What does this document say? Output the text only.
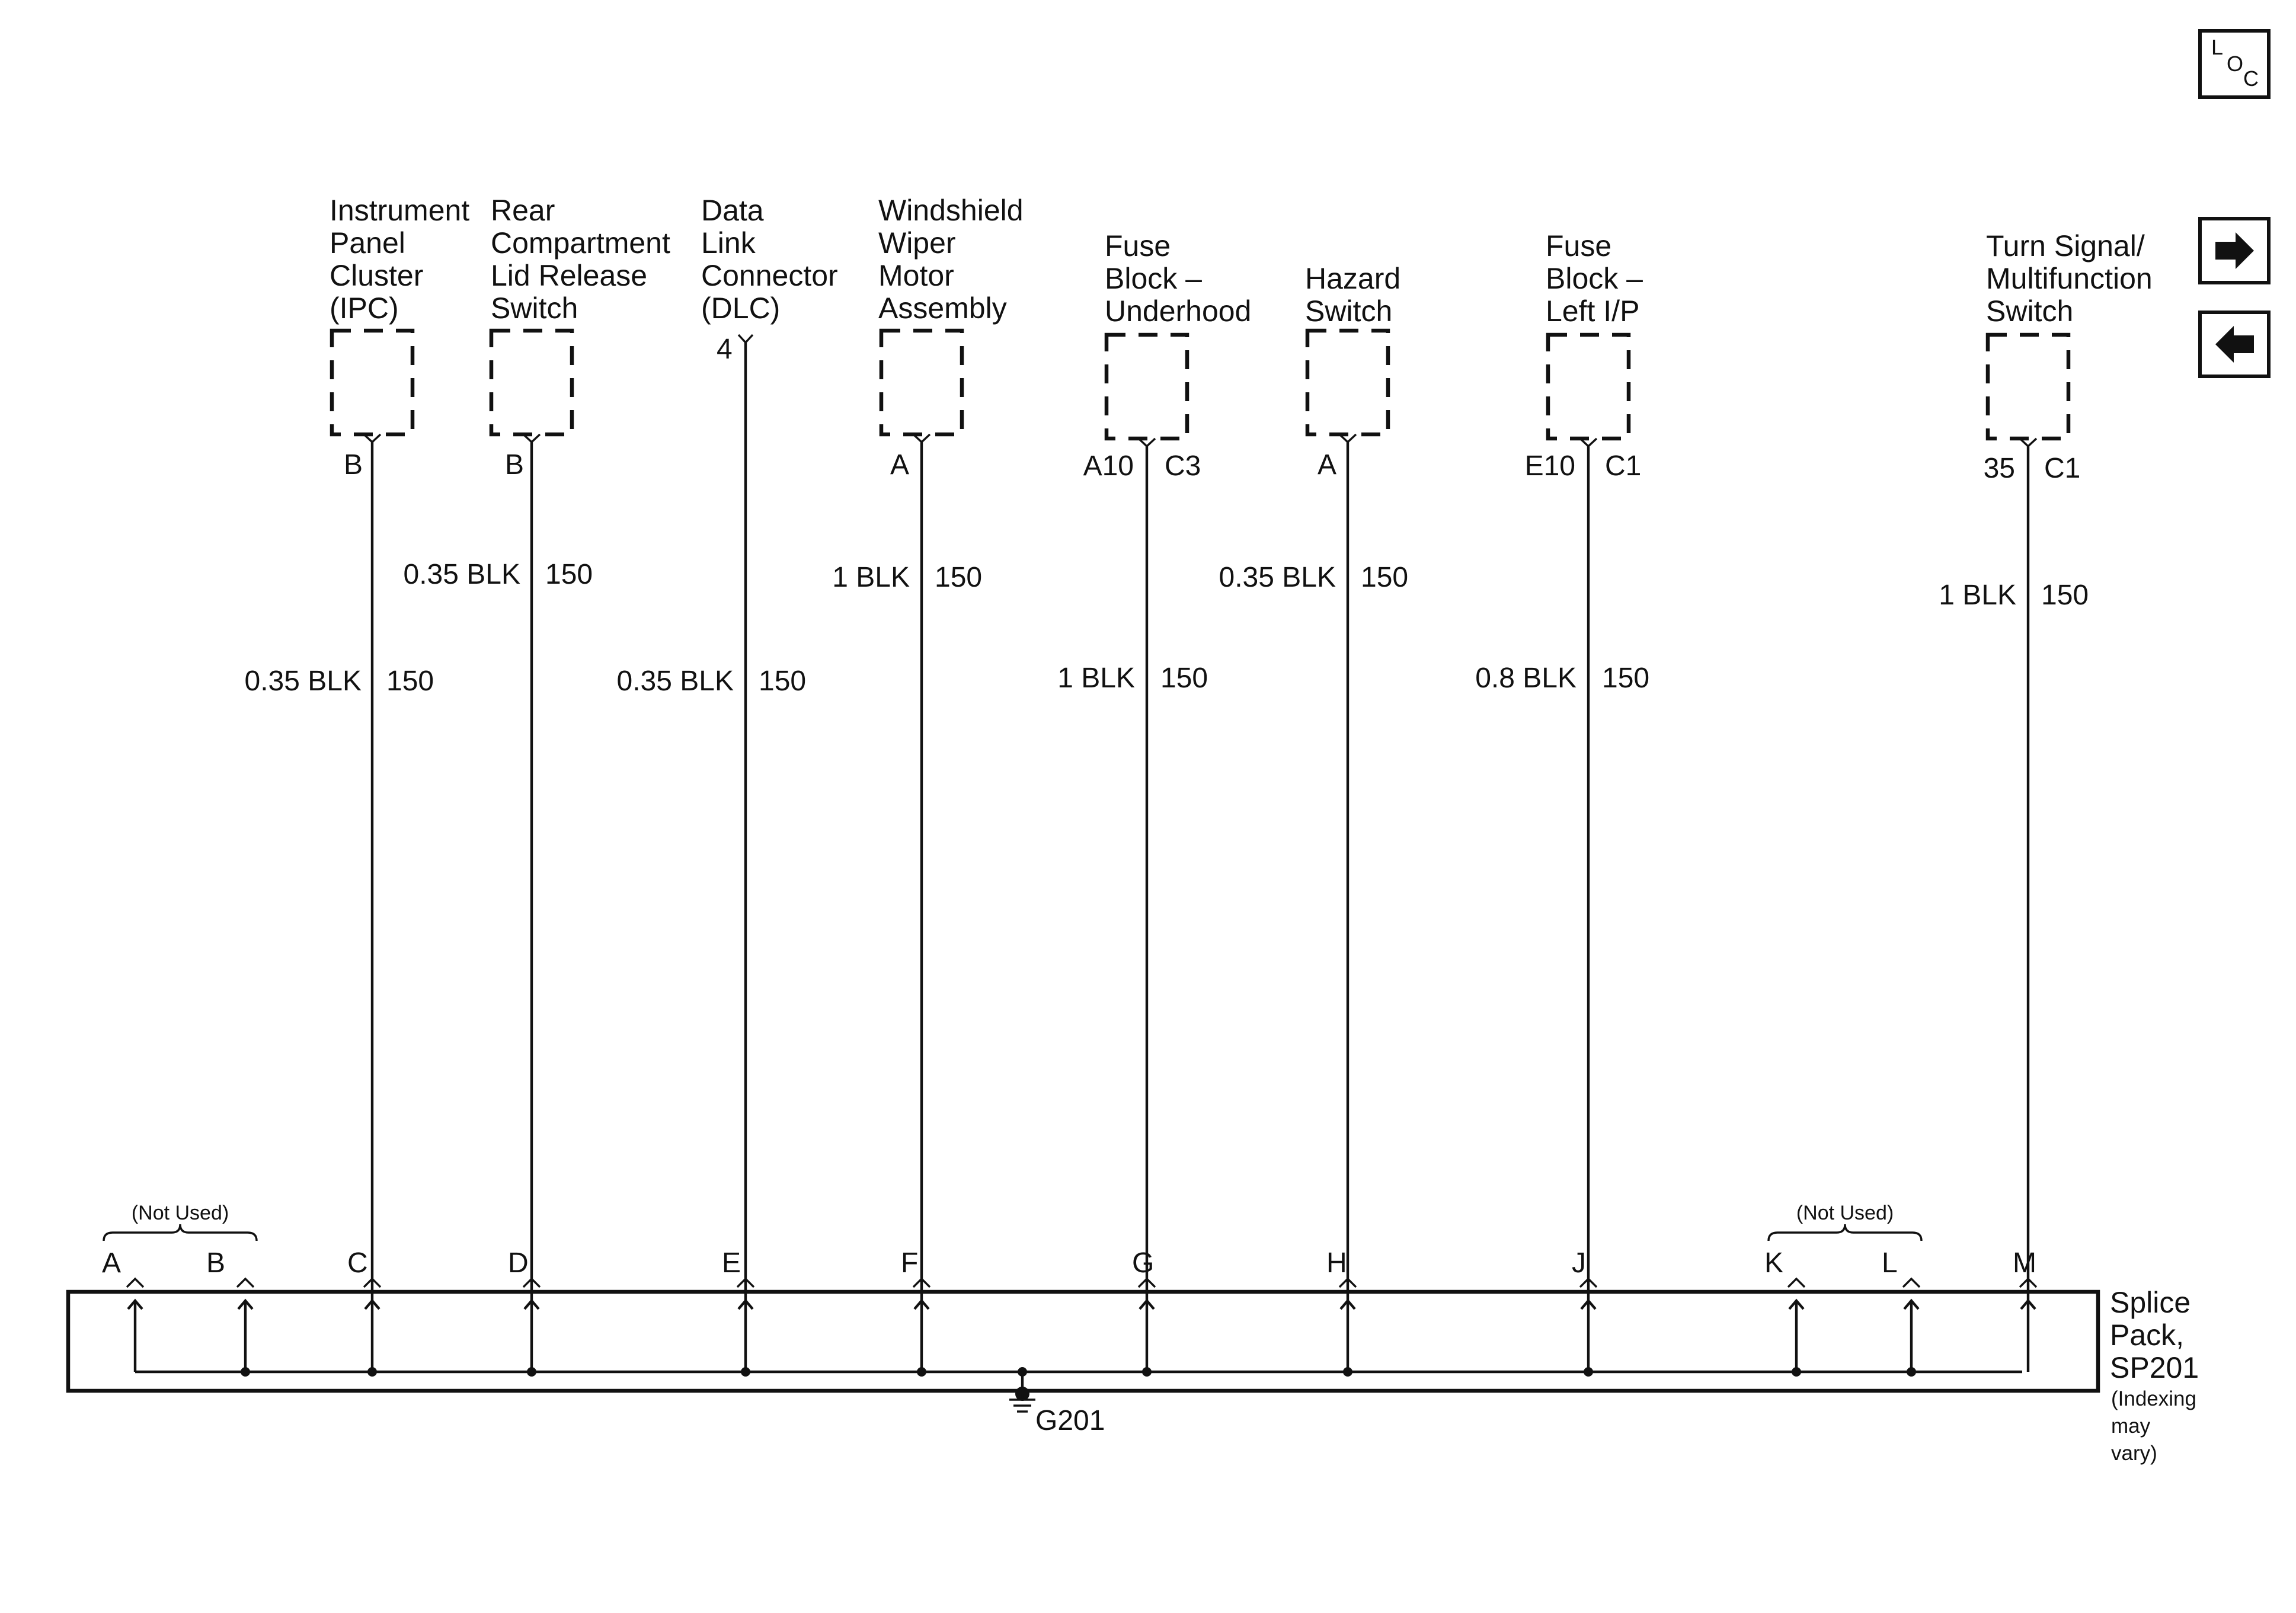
L
O
C
G201
Splice
Pack,
SP201
(Indexing
may
vary)
(Not Used)
A	B
(Not Used)
K	L
Instrument
Panel
Cluster
(IPC)
B
0.35 BLK 150
C
Rear
Compartment
Lid Release
Switch
B
0.35 BLK 150
D
Data
Link
Connector
(DLC)
4
0.35 BLK 150
E
Windshield
Wiper
Motor
Assembly
A
1 BLK 150
F
Fuse
Block –
Underhood
A10 C3
1 BLK 150
G
Hazard
Switch
A
0.35 BLK 150
H
Fuse
Block –
Left I/P
E10 C1
0.8 BLK 150
J
Turn Signal/
Multifunction
Switch
35 C1
1 BLK 150
M
